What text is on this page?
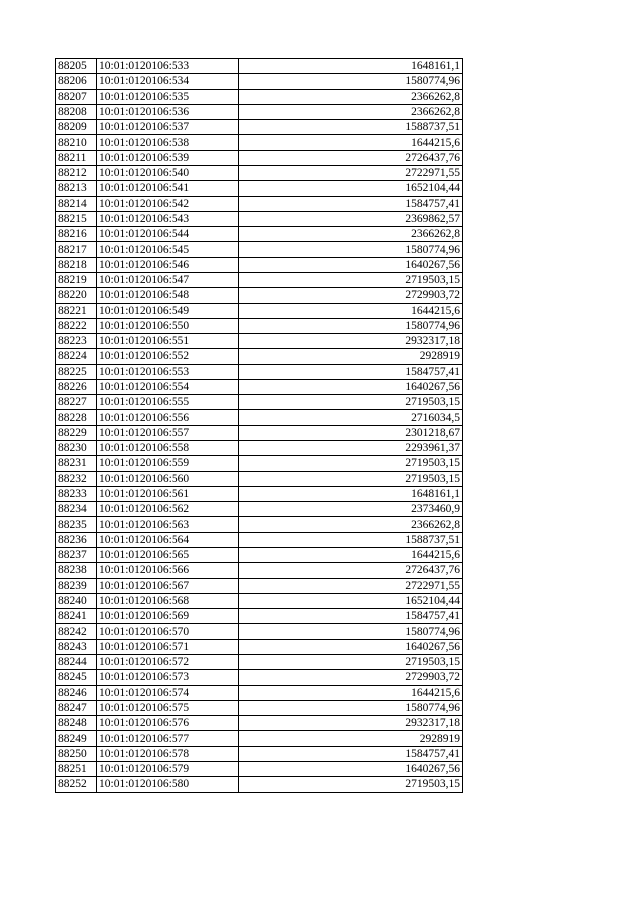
88205	10:01:0120106:533	1648161,1
88206	10:01:0120106:534	1580774,96
88207	10:01:0120106:535	2366262,8
88208	10:01:0120106:536	2366262,8
88209	10:01:0120106:537	1588737,51
88210	10:01:0120106:538	1644215,6
88211	10:01:0120106:539	2726437,76
88212	10:01:0120106:540	2722971,55
88213	10:01:0120106:541	1652104,44
88214	10:01:0120106:542	1584757,41
88215	10:01:0120106:543	2369862,57
88216	10:01:0120106:544	2366262,8
88217	10:01:0120106:545	1580774,96
88218	10:01:0120106:546	1640267,56
88219	10:01:0120106:547	2719503,15
88220	10:01:0120106:548	2729903,72
88221	10:01:0120106:549	1644215,6
88222	10:01:0120106:550	1580774,96
88223	10:01:0120106:551	2932317,18
88224	10:01:0120106:552	2928919
88225	10:01:0120106:553	1584757,41
88226	10:01:0120106:554	1640267,56
88227	10:01:0120106:555	2719503,15
88228	10:01:0120106:556	2716034,5
88229	10:01:0120106:557	2301218,67
88230	10:01:0120106:558	2293961,37
88231	10:01:0120106:559	2719503,15
88232	10:01:0120106:560	2719503,15
88233	10:01:0120106:561	1648161,1
88234	10:01:0120106:562	2373460,9
88235	10:01:0120106:563	2366262,8
88236	10:01:0120106:564	1588737,51
88237	10:01:0120106:565	1644215,6
88238	10:01:0120106:566	2726437,76
88239	10:01:0120106:567	2722971,55
88240	10:01:0120106:568	1652104,44
88241	10:01:0120106:569	1584757,41
88242	10:01:0120106:570	1580774,96
88243	10:01:0120106:571	1640267,56
88244	10:01:0120106:572	2719503,15
88245	10:01:0120106:573	2729903,72
88246	10:01:0120106:574	1644215,6
88247	10:01:0120106:575	1580774,96
88248	10:01:0120106:576	2932317,18
88249	10:01:0120106:577	2928919
88250	10:01:0120106:578	1584757,41
88251	10:01:0120106:579	1640267,56
88252	10:01:0120106:580	2719503,15
